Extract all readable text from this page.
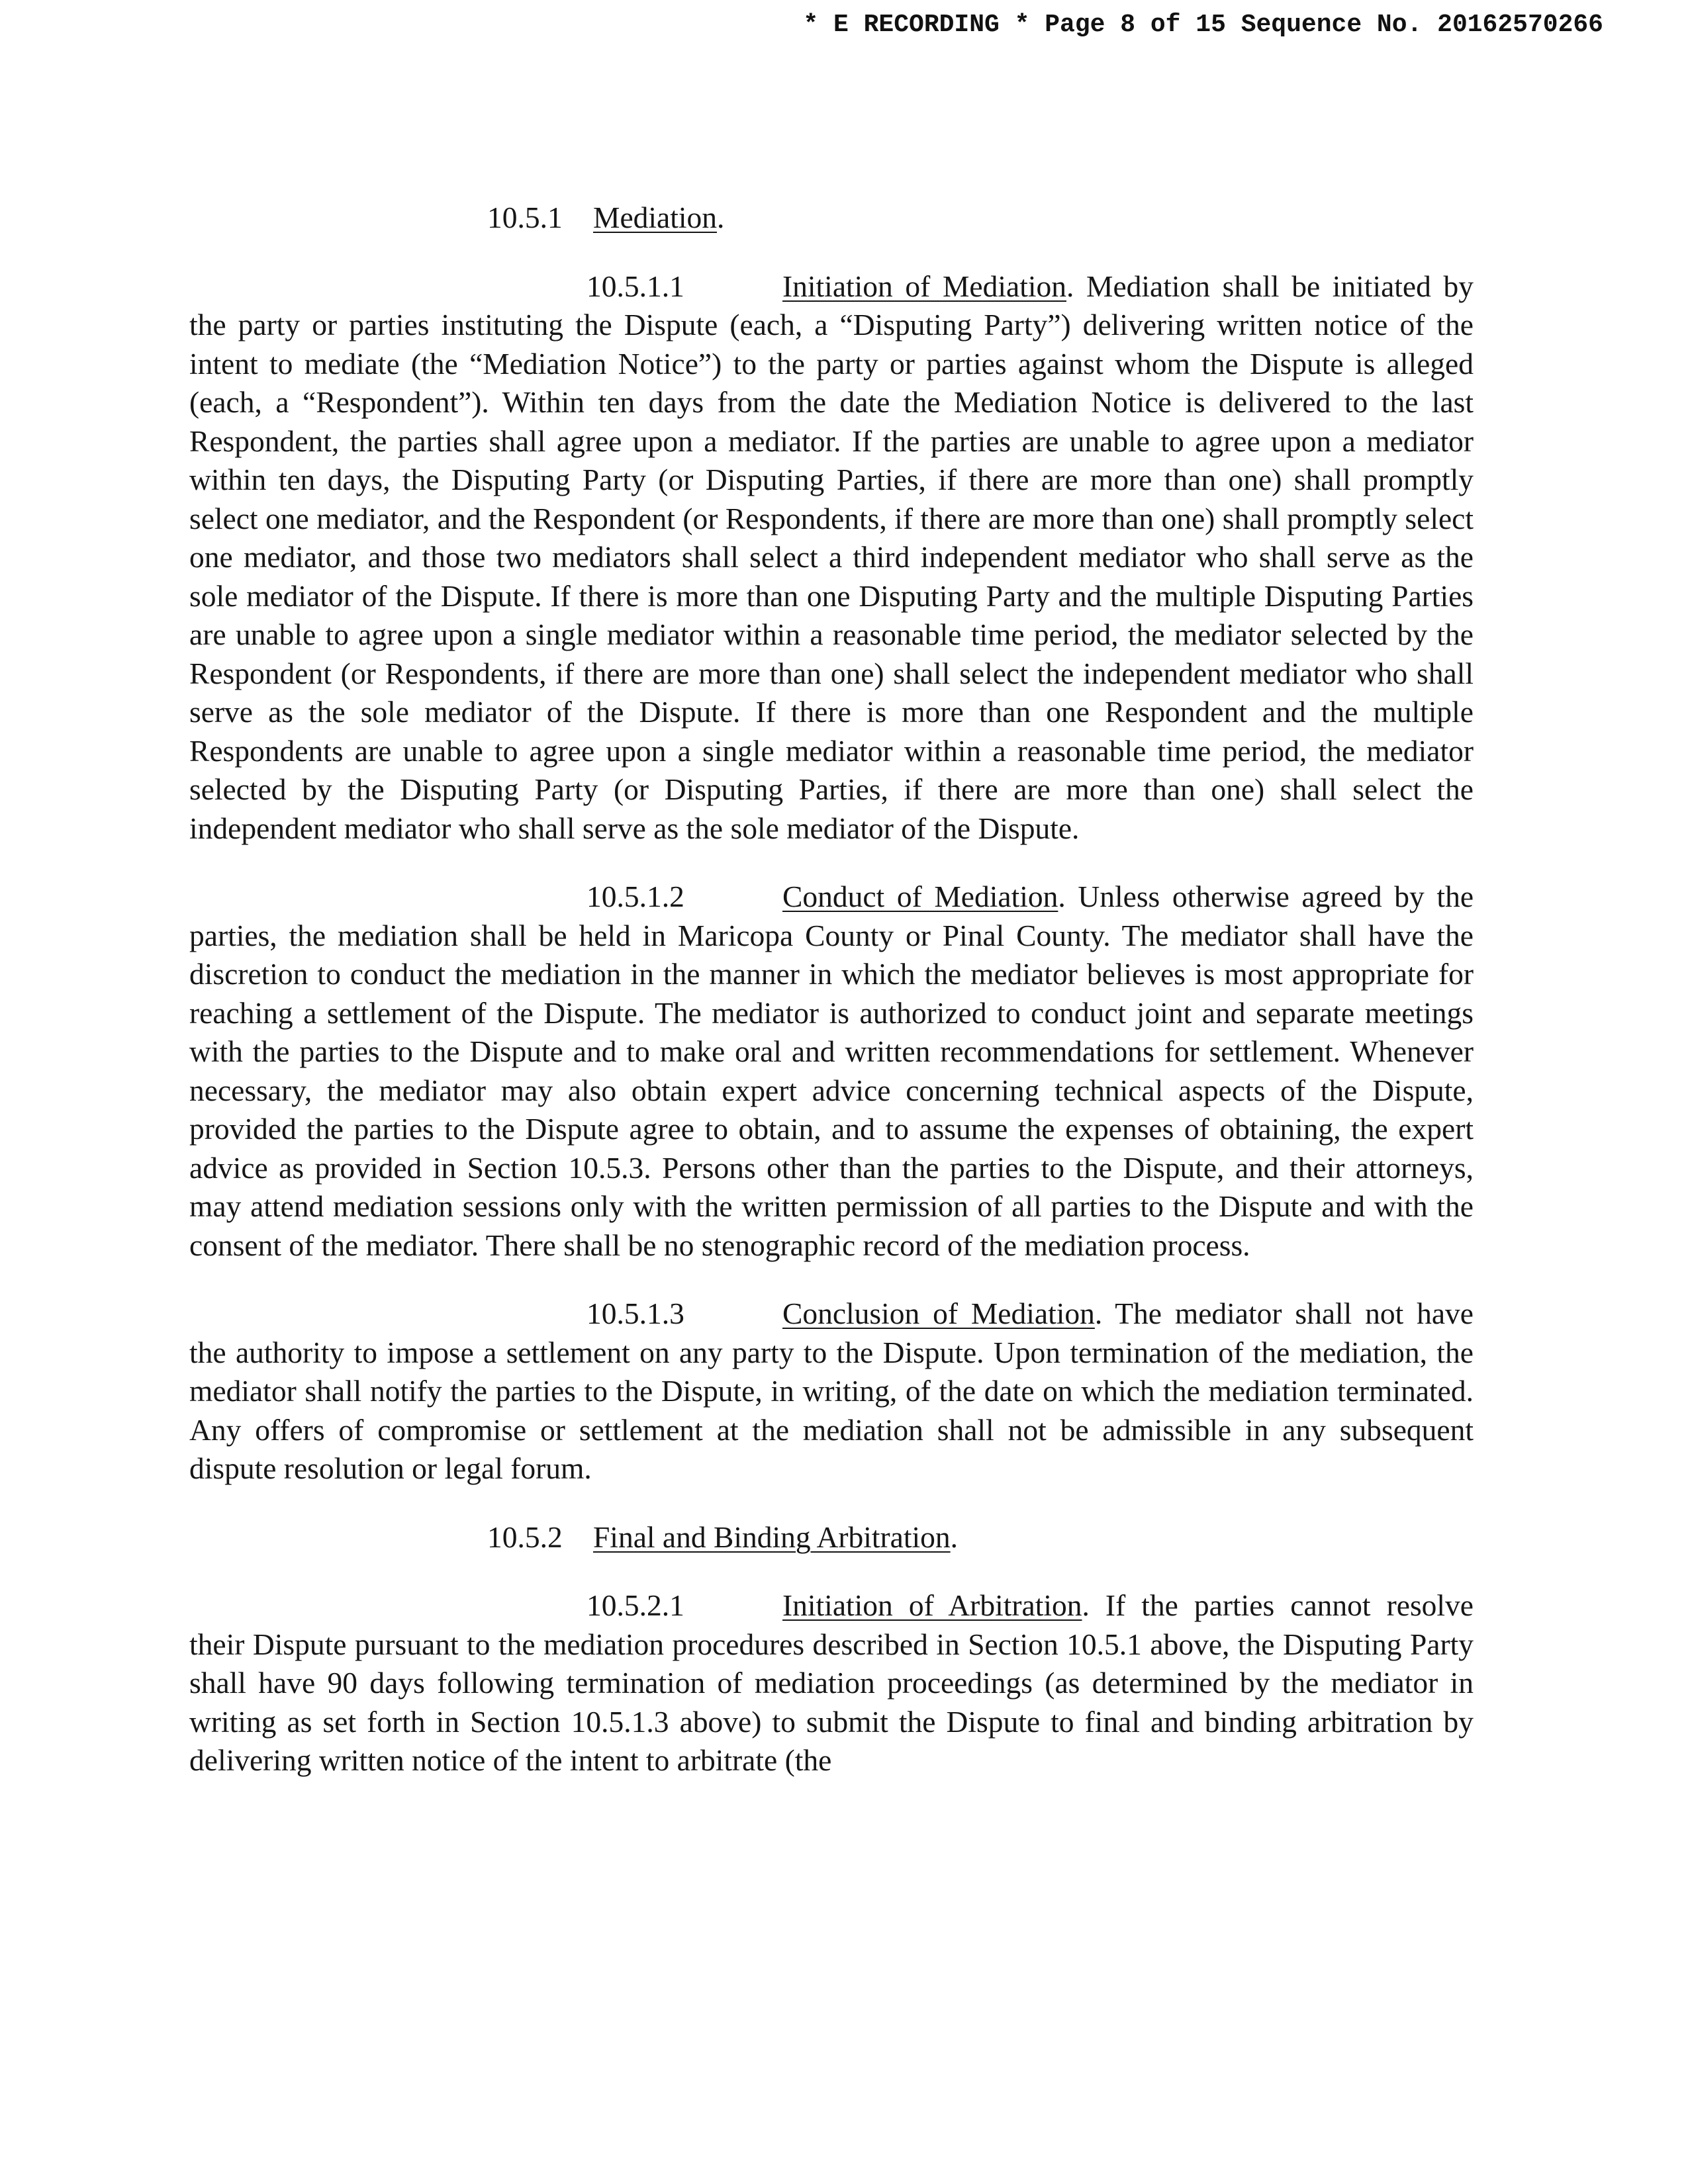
* E RECORDING * Page 8 of 15 Sequence No. 20162570266
10.5.1 Mediation.

10.5.1.1	Initiation of Mediation. Mediation shall be initiated by the party or parties instituting the Dispute (each, a “Disputing Party”) delivering written notice of the intent to mediate (the “Mediation Notice”) to the party or parties against whom the Dispute is alleged (each, a “Respondent”). Within ten days from the date the Mediation Notice is delivered to the last Respondent, the parties shall agree upon a mediator. If the parties are unable to agree upon a mediator within ten days, the Disputing Party (or Disputing Parties, if there are more than one) shall promptly select one mediator, and the Respondent (or Respondents, if there are more than one) shall promptly select one mediator, and those two mediators shall select a third independent mediator who shall serve as the sole mediator of the Dispute. If there is more than one Disputing Party and the multiple Disputing Parties are unable to agree upon a single mediator within a reasonable time period, the mediator selected by the Respondent (or Respondents, if there are more than one) shall select the independent mediator who shall serve as the sole mediator of the Dispute. If there is more than one Respondent and the multiple Respondents are unable to agree upon a single mediator within a reasonable time period, the mediator selected by the Disputing Party (or Disputing Parties, if there are more than one) shall select the independent mediator who shall serve as the sole mediator of the Dispute.

10.5.1.2	Conduct of Mediation. Unless otherwise agreed by the parties, the mediation shall be held in Maricopa County or Pinal County. The mediator shall have the discretion to conduct the mediation in the manner in which the mediator believes is most appropriate for reaching a settlement of the Dispute. The mediator is authorized to conduct joint and separate meetings with the parties to the Dispute and to make oral and written recommendations for settlement. Whenever necessary, the mediator may also obtain expert advice concerning technical aspects of the Dispute, provided the parties to the Dispute agree to obtain, and to assume the expenses of obtaining, the expert advice as provided in Section 10.5.3. Persons other than the parties to the Dispute, and their attorneys, may attend mediation sessions only with the written permission of all parties to the Dispute and with the consent of the mediator. There shall be no stenographic record of the mediation process.

10.5.1.3	Conclusion of Mediation. The mediator shall not have the authority to impose a settlement on any party to the Dispute. Upon termination of the mediation, the mediator shall notify the parties to the Dispute, in writing, of the date on which the mediation terminated. Any offers of compromise or settlement at the mediation shall not be admissible in any subsequent dispute resolution or legal forum.

10.5.2 Final and Binding Arbitration.

10.5.2.1	Initiation of Arbitration. If the parties cannot resolve their Dispute pursuant to the mediation procedures described in Section 10.5.1 above, the Disputing Party shall have 90 days following termination of mediation proceedings (as determined by the mediator in writing as set forth in Section 10.5.1.3 above) to submit the Dispute to final and binding arbitration by delivering written notice of the intent to arbitrate (the
